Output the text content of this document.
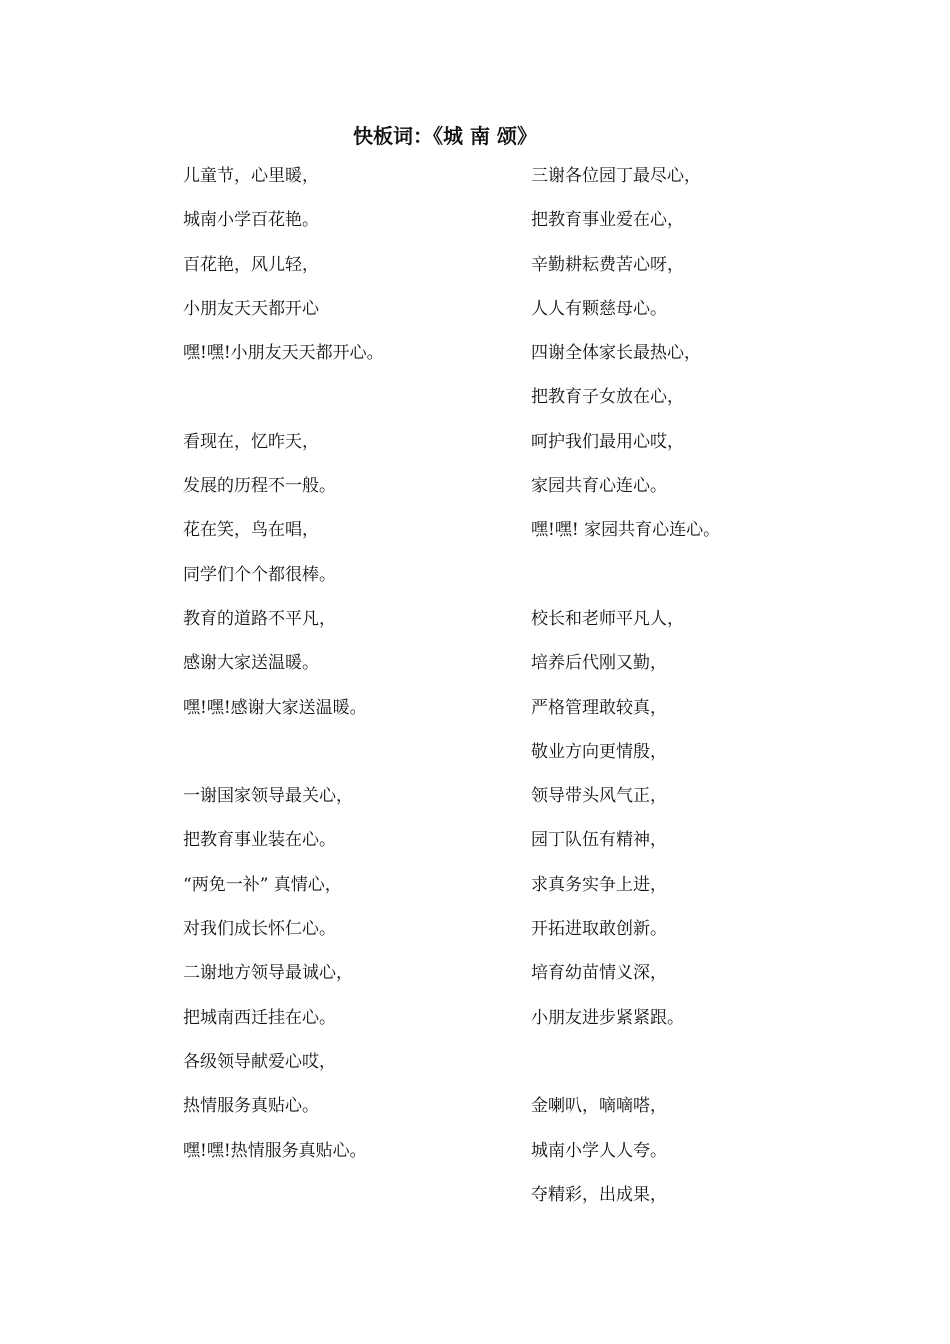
快板词：《城 南 颂》
儿童节，心里暖，
城南小学百花艳。
百花艳，风儿轻，
小朋友天天都开心
嘿!嘿!小朋友天天都开心。
看现在，忆昨天，
发展的历程不一般。
花在笑，鸟在唱，
同学们个个都很棒。
教育的道路不平凡，
感谢大家送温暖。
嘿!嘿!感谢大家送温暖。
一谢国家领导最关心，
把教育事业装在心。
“两免一补” 真情心，
对我们成长怀仁心。
二谢地方领导最诚心，
把城南西迁挂在心。
各级领导献爱心哎，
热情服务真贴心。
嘿!嘿!热情服务真贴心。
三谢各位园丁最尽心，
把教育事业爱在心，
辛勤耕耘费苦心呀，
人人有颗慈母心。
四谢全体家长最热心，
把教育子女放在心，
呵护我们最用心哎，
家园共育心连心。
嘿!嘿! 家园共育心连心。
校长和老师平凡人，
培养后代刚又勤，
严格管理敢较真，
敬业方向更情殷，
领导带头风气正，
园丁队伍有精神，
求真务实争上进，
开拓进取敢创新。
培育幼苗情义深，
小朋友进步紧紧跟。
金喇叭，嘀嘀嗒，
城南小学人人夸。
夺精彩，出成果，
